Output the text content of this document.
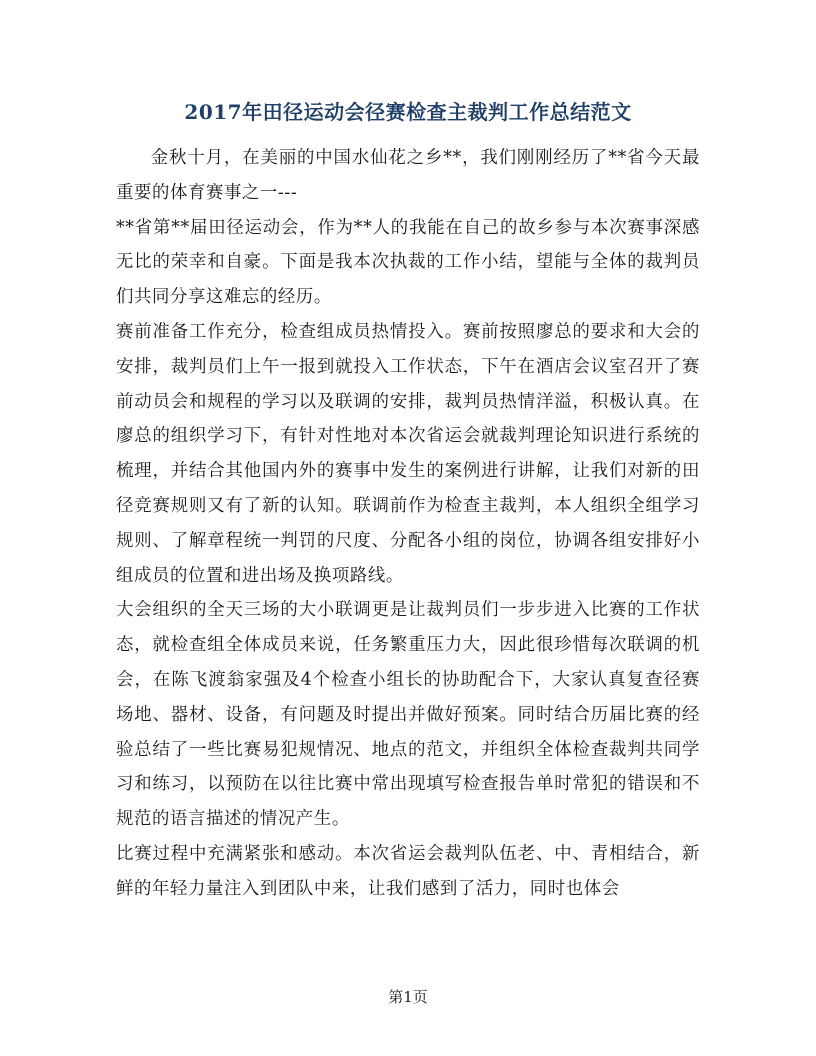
2017年田径运动会径赛检查主裁判工作总结范文

金秋十月，在美丽的中国水仙花之乡**，我们刚刚经历了**省今天最重要的体育赛事之一---

**省第**届田径运动会，作为**人的我能在自己的故乡参与本次赛事深感无比的荣幸和自豪。下面是我本次执裁的工作小结，望能与全体的裁判员们共同分享这难忘的经历。

赛前准备工作充分，检查组成员热情投入。赛前按照廖总的要求和大会的安排，裁判员们上午一报到就投入工作状态，下午在酒店会议室召开了赛前动员会和规程的学习以及联调的安排，裁判员热情洋溢，积极认真。在廖总的组织学习下，有针对性地对本次省运会就裁判理论知识进行系统的梳理，并结合其他国内外的赛事中发生的案例进行讲解，让我们对新的田径竞赛规则又有了新的认知。联调前作为检查主裁判，本人组织全组学习规则、了解章程统一判罚的尺度、分配各小组的岗位，协调各组安排好小组成员的位置和进出场及换项路线。

大会组织的全天三场的大小联调更是让裁判员们一步步进入比赛的工作状态，就检查组全体成员来说，任务繁重压力大，因此很珍惜每次联调的机会，在陈飞渡翁家强及4个检查小组长的协助配合下，大家认真复查径赛场地、器材、设备，有问题及时提出并做好预案。同时结合历届比赛的经验总结了一些比赛易犯规情况、地点的范文，并组织全体检查裁判共同学习和练习，以预防在以往比赛中常出现填写检查报告单时常犯的错误和不规范的语言描述的情况产生。

比赛过程中充满紧张和感动。本次省运会裁判队伍老、中、青相结合，新鲜的年轻力量注入到团队中来，让我们感到了活力，同时也体会

第1页
